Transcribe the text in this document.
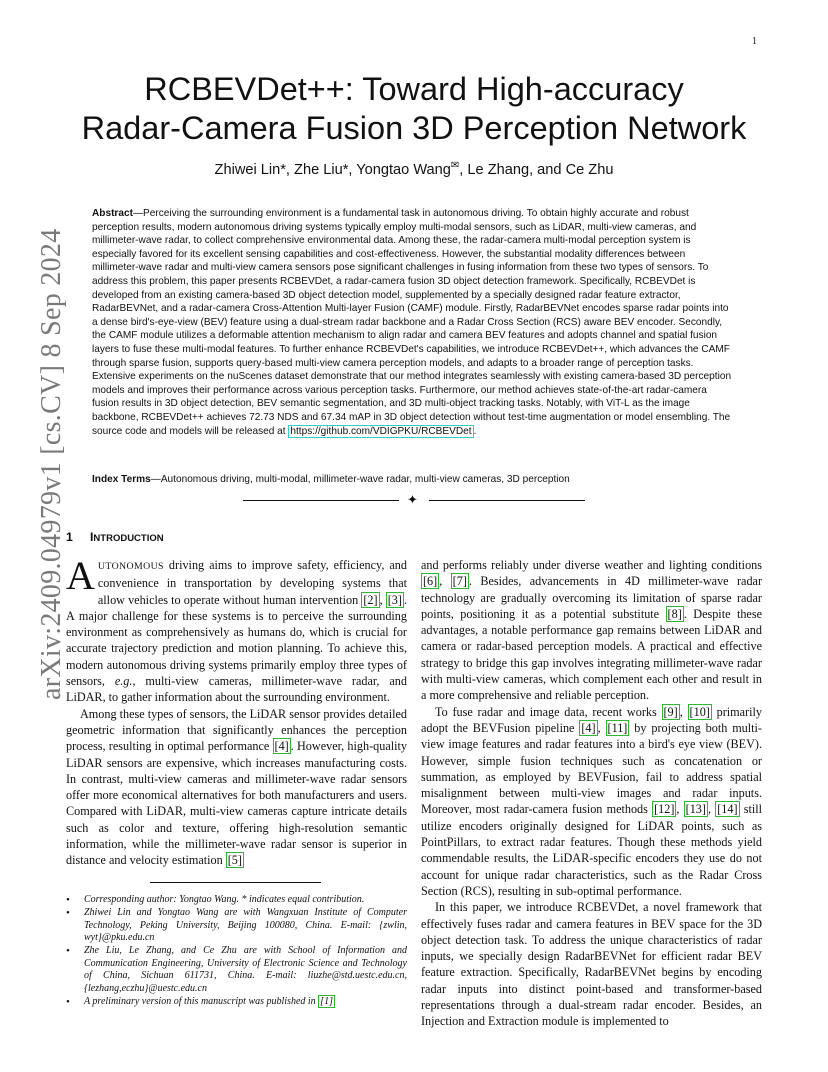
1
arXiv:2409.04979v1 [cs.CV] 8 Sep 2024
RCBEVDet++: Toward High-accuracy
Radar-Camera Fusion 3D Perception Network
Zhiwei Lin*, Zhe Liu*, Yongtao Wang✉, Le Zhang, and Ce Zhu

Abstract—Perceiving the surrounding environment is a fundamental task in autonomous driving. To obtain highly accurate and robust perception results, modern autonomous driving systems typically employ multi-modal sensors, such as LiDAR, multi-view cameras, and millimeter-wave radar, to collect comprehensive environmental data. Among these, the radar-camera multi-modal perception system is especially favored for its excellent sensing capabilities and cost-effectiveness. However, the substantial modality differences between millimeter-wave radar and multi-view camera sensors pose significant challenges in fusing information from these two types of sensors. To address this problem, this paper presents RCBEVDet, a radar-camera fusion 3D object detection framework. Specifically, RCBEVDet is developed from an existing camera-based 3D object detection model, supplemented by a specially designed radar feature extractor, RadarBEVNet, and a radar-camera Cross-Attention Multi-layer Fusion (CAMF) module. Firstly, RadarBEVNet encodes sparse radar points into a dense bird's-eye-view (BEV) feature using a dual-stream radar backbone and a Radar Cross Section (RCS) aware BEV encoder. Secondly, the CAMF module utilizes a deformable attention mechanism to align radar and camera BEV features and adopts channel and spatial fusion layers to fuse these multi-modal features. To further enhance RCBEVDet's capabilities, we introduce RCBEVDet++, which advances the CAMF through sparse fusion, supports query-based multi-view camera perception models, and adapts to a broader range of perception tasks. Extensive experiments on the nuScenes dataset demonstrate that our method integrates seamlessly with existing camera-based 3D perception models and improves their performance across various perception tasks. Furthermore, our method achieves state-of-the-art radar-camera fusion results in 3D object detection, BEV semantic segmentation, and 3D multi-object tracking tasks. Notably, with ViT-L as the image backbone, RCBEVDet++ achieves 72.73 NDS and 67.34 mAP in 3D object detection without test-time augmentation or model ensembling. The source code and models will be released at https://github.com/VDIGPKU/RCBEVDet .

Index Terms—Autonomous driving, multi-modal, millimeter-wave radar, multi-view cameras, 3D perception

✦
1 INTRODUCTION

AUTONOMOUS driving aims to improve safety, efficiency, and convenience in transportation by developing systems that allow vehicles to operate without human intervention [2] , [3] . A major challenge for these systems is to perceive the surrounding environment as comprehensively as humans do, which is crucial for accurate trajectory prediction and motion planning. To achieve this, modern autonomous driving systems primarily employ three types of sensors, e.g., multi-view cameras, millimeter-wave radar, and LiDAR, to gather information about the surrounding environment.

Among these types of sensors, the LiDAR sensor provides detailed geometric information that significantly enhances the perception process, resulting in optimal performance [4] . However, high-quality LiDAR sensors are expensive, which increases manufacturing costs. In contrast, multi-view cameras and millimeter-wave radar sensors offer more economical alternatives for both manufacturers and users. Compared with LiDAR, multi-view cameras capture intricate details such as color and texture, offering high-resolution semantic information, while the millimeter-wave radar sensor is superior in distance and velocity estimation [5]

• Corresponding author: Yongtao Wang. * indicates equal contribution.
• Zhiwei Lin and Yongtao Wang are with Wangxuan Institute of Computer Technology, Peking University, Beijing 100080, China. E-mail: {zwlin, wyt}@pku.edu.cn
• Zhe Liu, Le Zhang, and Ce Zhu are with School of Information and Communication Engineering, University of Electronic Science and Technology of China, Sichuan 611731, China. E-mail: liuzhe@std.uestc.edu.cn, {lezhang,eczhu}@uestc.edu.cn
• A preliminary version of this manuscript was published in [1]

and performs reliably under diverse weather and lighting conditions [6] , [7] . Besides, advancements in 4D millimeter-wave radar technology are gradually overcoming its limitation of sparse radar points, positioning it as a potential substitute [8] . Despite these advantages, a notable performance gap remains between LiDAR and camera or radar-based perception models. A practical and effective strategy to bridge this gap involves integrating millimeter-wave radar with multi-view cameras, which complement each other and result in a more comprehensive and reliable perception.

To fuse radar and image data, recent works [9] , [10] primarily adopt the BEVFusion pipeline [4] , [11] by projecting both multi-view image features and radar features into a bird's eye view (BEV). However, simple fusion techniques such as concatenation or summation, as employed by BEVFusion, fail to address spatial misalignment between multi-view images and radar inputs. Moreover, most radar-camera fusion methods [12] , [13] , [14] still utilize encoders originally designed for LiDAR points, such as PointPillars, to extract radar features. Though these methods yield commendable results, the LiDAR-specific encoders they use do not account for unique radar characteristics, such as the Radar Cross Section (RCS), resulting in sub-optimal performance.

In this paper, we introduce RCBEVDet, a novel framework that effectively fuses radar and camera features in BEV space for the 3D object detection task. To address the unique characteristics of radar inputs, we specially design RadarBEVNet for efficient radar BEV feature extraction. Specifically, RadarBEVNet begins by encoding radar inputs into distinct point-based and transformer-based representations through a dual-stream radar encoder. Besides, an Injection and Extraction module is implemented to
